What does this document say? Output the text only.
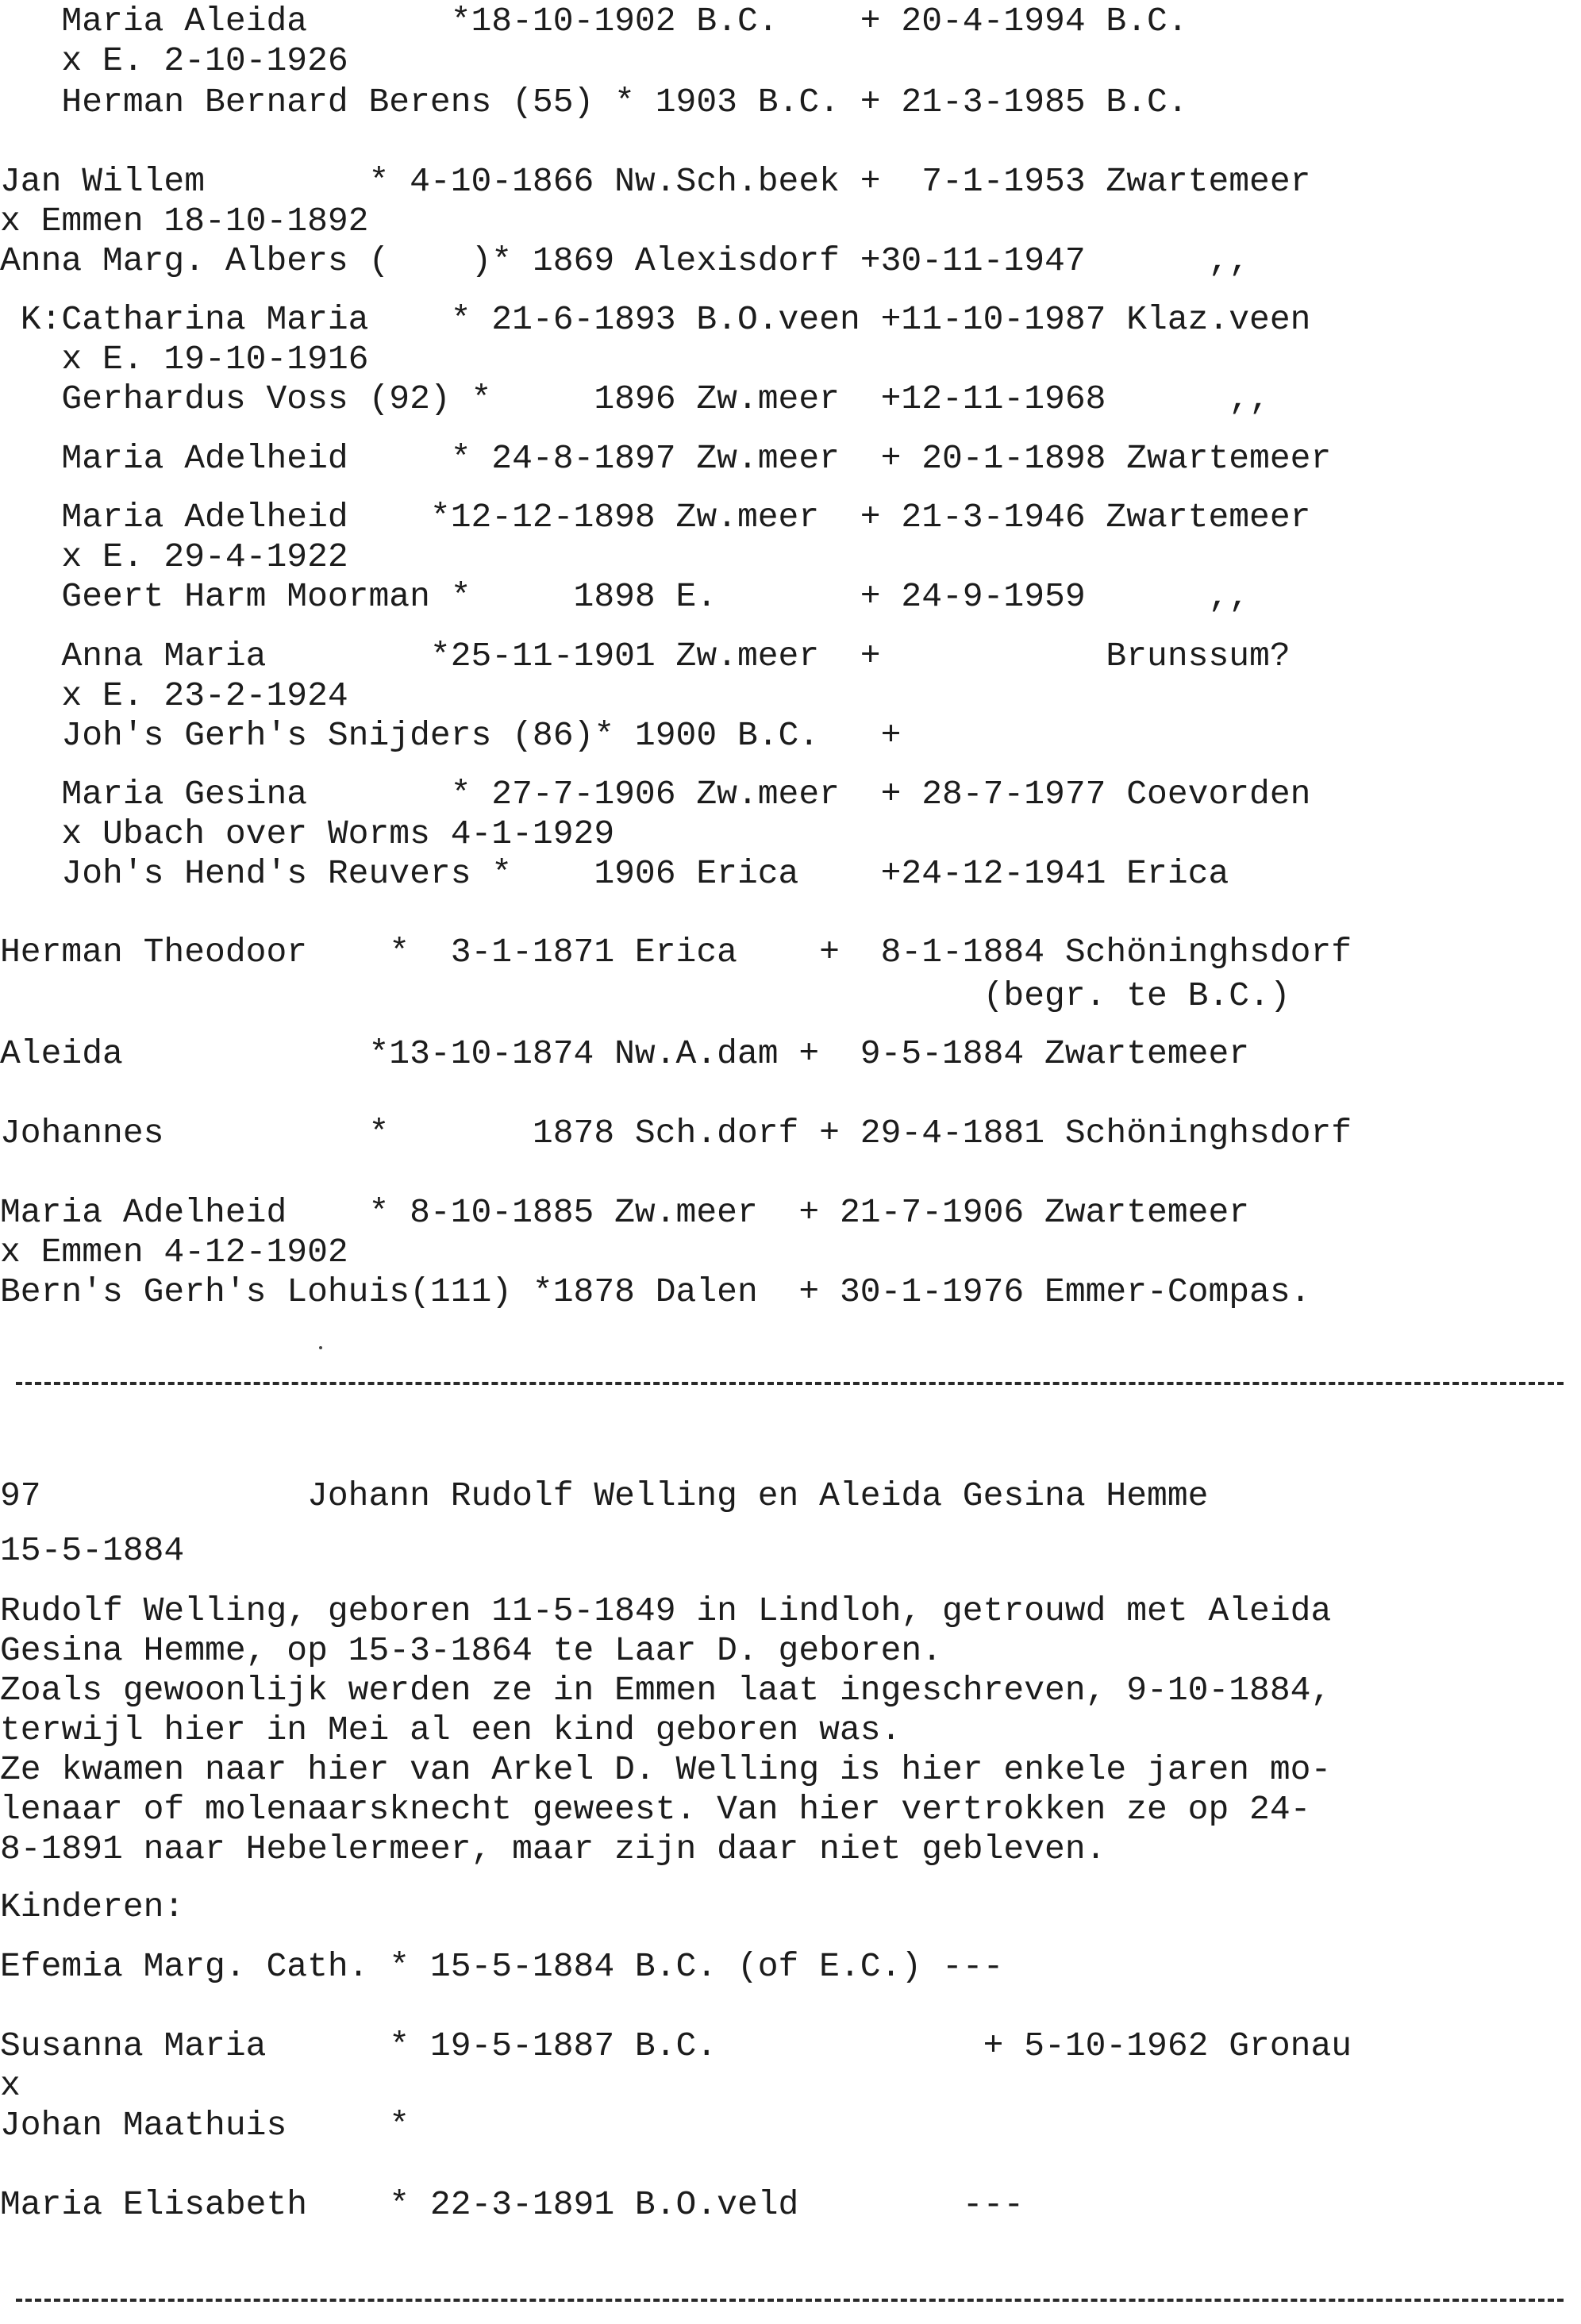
Maria Aleida       *18-10-1902 B.C.    + 20-4-1994 B.C.

x E. 2-10-1926

Herman Bernard Berens (55) * 1903 B.C. + 21-3-1985 B.C.

Jan Willem        * 4-10-1866 Nw.Sch.beek +  7-1-1953 Zwartemeer

x Emmen 18-10-1892

Anna Marg. Albers (    )* 1869 Alexisdorf +30-11-1947      ,,

K:Catharina Maria    * 21-6-1893 B.O.veen +11-10-1987 Klaz.veen

x E. 19-10-1916

Gerhardus Voss (92) *     1896 Zw.meer  +12-11-1968      ,,

Maria Adelheid     * 24-8-1897 Zw.meer  + 20-1-1898 Zwartemeer

Maria Adelheid    *12-12-1898 Zw.meer  + 21-3-1946 Zwartemeer

x E. 29-4-1922

Geert Harm Moorman *     1898 E.       + 24-9-1959      ,,

Anna Maria        *25-11-1901 Zw.meer  +           Brunssum?

x E. 23-2-1924

Joh's Gerh's Snijders (86)* 1900 B.C.   +

Maria Gesina       * 27-7-1906 Zw.meer  + 28-7-1977 Coevorden

x Ubach over Worms 4-1-1929

Joh's Hend's Reuvers *    1906 Erica    +24-12-1941 Erica

Herman Theodoor    *  3-1-1871 Erica    +  8-1-1884 Schöninghsdorf

(begr. te B.C.)

Aleida            *13-10-1874 Nw.A.dam +  9-5-1884 Zwartemeer

Johannes          *       1878 Sch.dorf + 29-4-1881 Schöninghsdorf

Maria Adelheid    * 8-10-1885 Zw.meer  + 21-7-1906 Zwartemeer

x Emmen 4-12-1902

Bern's Gerh's Lohuis(111) *1878 Dalen  + 30-1-1976 Emmer-Compas.

97             Johann Rudolf Welling en Aleida Gesina Hemme

15-5-1884

Rudolf Welling, geboren 11-5-1849 in Lindloh, getrouwd met Aleida

Gesina Hemme, op 15-3-1864 te Laar D. geboren.

Zoals gewoonlijk werden ze in Emmen laat ingeschreven, 9-10-1884,

terwijl hier in Mei al een kind geboren was.

Ze kwamen naar hier van Arkel D. Welling is hier enkele jaren mo-

lenaar of molenaarsknecht geweest. Van hier vertrokken ze op 24-

8-1891 naar Hebelermeer, maar zijn daar niet gebleven.

Kinderen:

Efemia Marg. Cath. * 15-5-1884 B.C. (of E.C.) ---

Susanna Maria      * 19-5-1887 B.C.             + 5-10-1962 Gronau

x

Johan Maathuis     *

Maria Elisabeth    * 22-3-1891 B.O.veld        ---
